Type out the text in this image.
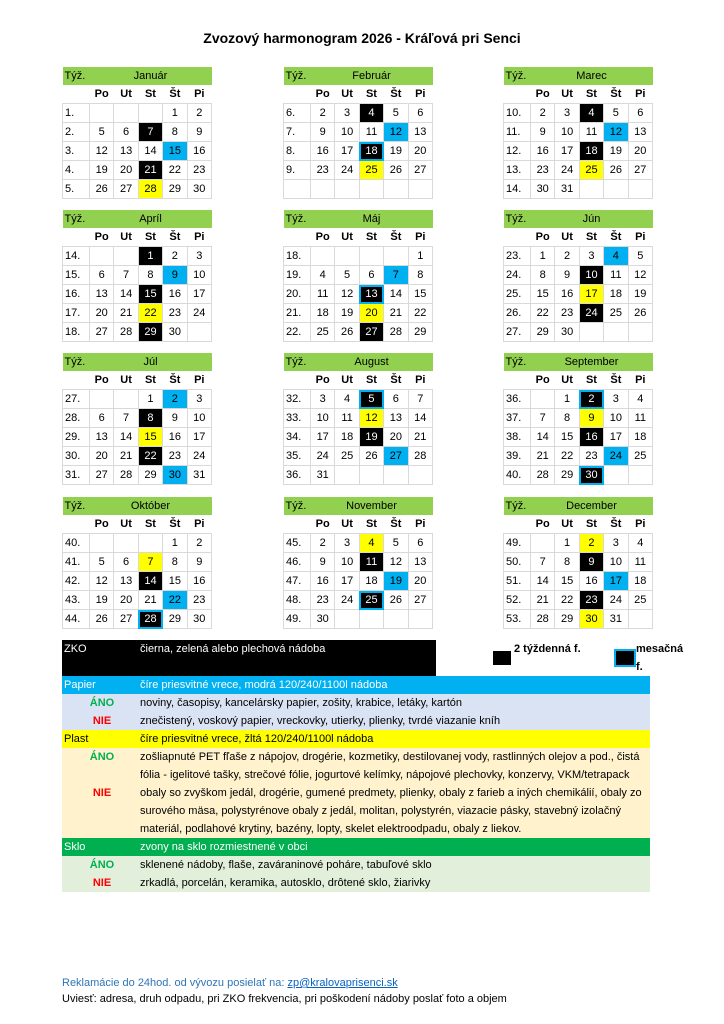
Zvozový harmonogram 2026 - Kráľová pri Senci
Týž.	Január				
	Po	Ut	St	Št	Pi
1.				1	2
2.	5	6	7	8	9
3.	12	13	14	15	16
4.	19	20	21	22	23
5.	26	27	28	29	30
Týž.	Február				
	Po	Ut	St	Št	Pi
6.	2	3	4	5	6
7.	9	10	11	12	13
8.	16	17	18	19	20
9.	23	24	25	26	27

Týž.	Marec				
	Po	Ut	St	Št	Pi
10.	2	3	4	5	6
11.	9	10	11	12	13
12.	16	17	18	19	20
13.	23	24	25	26	27
14.	30	31			
Týž.	Apríl				
	Po	Ut	St	Št	Pi
14.			1	2	3
15.	6	7	8	9	10
16.	13	14	15	16	17
17.	20	21	22	23	24
18.	27	28	29	30	
Týž.	Máj				
	Po	Ut	St	Št	Pi
18.					1
19.	4	5	6	7	8
20.	11	12	13	14	15
21.	18	19	20	21	22
22.	25	26	27	28	29
Týž.	Jún				
	Po	Ut	St	Št	Pi
23.	1	2	3	4	5
24.	8	9	10	11	12
25.	15	16	17	18	19
26.	22	23	24	25	26
27.	29	30			
Týž.	Júl				
	Po	Ut	St	Št	Pi
27.			1	2	3
28.	6	7	8	9	10
29.	13	14	15	16	17
30.	20	21	22	23	24
31.	27	28	29	30	31
Týž.	August				
	Po	Ut	St	Št	Pi
32.	3	4	5	6	7
33.	10	11	12	13	14
34.	17	18	19	20	21
35.	24	25	26	27	28
36.	31				
Týž.	September				
	Po	Ut	St	Št	Pi
36.		1	2	3	4
37.	7	8	9	10	11
38.	14	15	16	17	18
39.	21	22	23	24	25
40.	28	29	30		
Týž.	Október				
	Po	Ut	St	Št	Pi
40.				1	2
41.	5	6	7	8	9
42.	12	13	14	15	16
43.	19	20	21	22	23
44.	26	27	28	29	30
Týž.	November				
	Po	Ut	St	Št	Pi
45.	2	3	4	5	6
46.	9	10	11	12	13
47.	16	17	18	19	20
48.	23	24	25	26	27
49.	30				
Týž.	December				
	Po	Ut	St	Št	Pi
49.		1	2	3	4
50.	7	8	9	10	11
51.	14	15	16	17	18
52.	21	22	23	24	25
53.	28	29	30	31	
ZKO	čierna, zelená alebo plechová nádoba	2 týždenná f.	mesačná f.
Papier	číre priesvitné vrece, modrá 120/240/1100l nádoba
ÁNO	noviny, časopisy, kancelársky papier, zošity, krabice, letáky, kartón
NIE	znečistený, voskový papier, vreckovky, utierky, plienky, tvrdé viazanie kníh
Plast	číre priesvitné vrece, žltá 120/240/1100l nádoba
ÁNO	zošliapnuté PET fľaše z nápojov, drogérie, kozmetiky, destilovanej vody, rastlinných olejov a pod., čistá fólia - igelitové tašky, strečové fólie, jogurtové kelímky, nápojové plechovky, konzervy, VKM/tetrapack
NIE	obaly so zvyškom jedál, drogérie, gumené predmety, plienky, obaly z farieb a iných chemikálií, obaly zo surového mäsa, polystyrénove obaly z jedál, molitan, polystyrén, viazacie pásky, stavebný izolačný materiál, podlahové krytiny, bazény, lopty, skelet elektroodpadu, obaly z liekov.
Sklo	zvony na sklo rozmiestnené v obci
ÁNO	sklenené nádoby, flaše, zaváraninové poháre, tabuľové sklo
NIE	zrkadlá, porcelán, keramika, autosklo, drôtené sklo, žiarivky
Reklamácie do 24hod. od vývozu posielať na: zp@kralovaprisenci.sk
Uviesť: adresa, druh odpadu, pri ZKO frekvencia, pri poškodení nádoby poslať foto a objem
